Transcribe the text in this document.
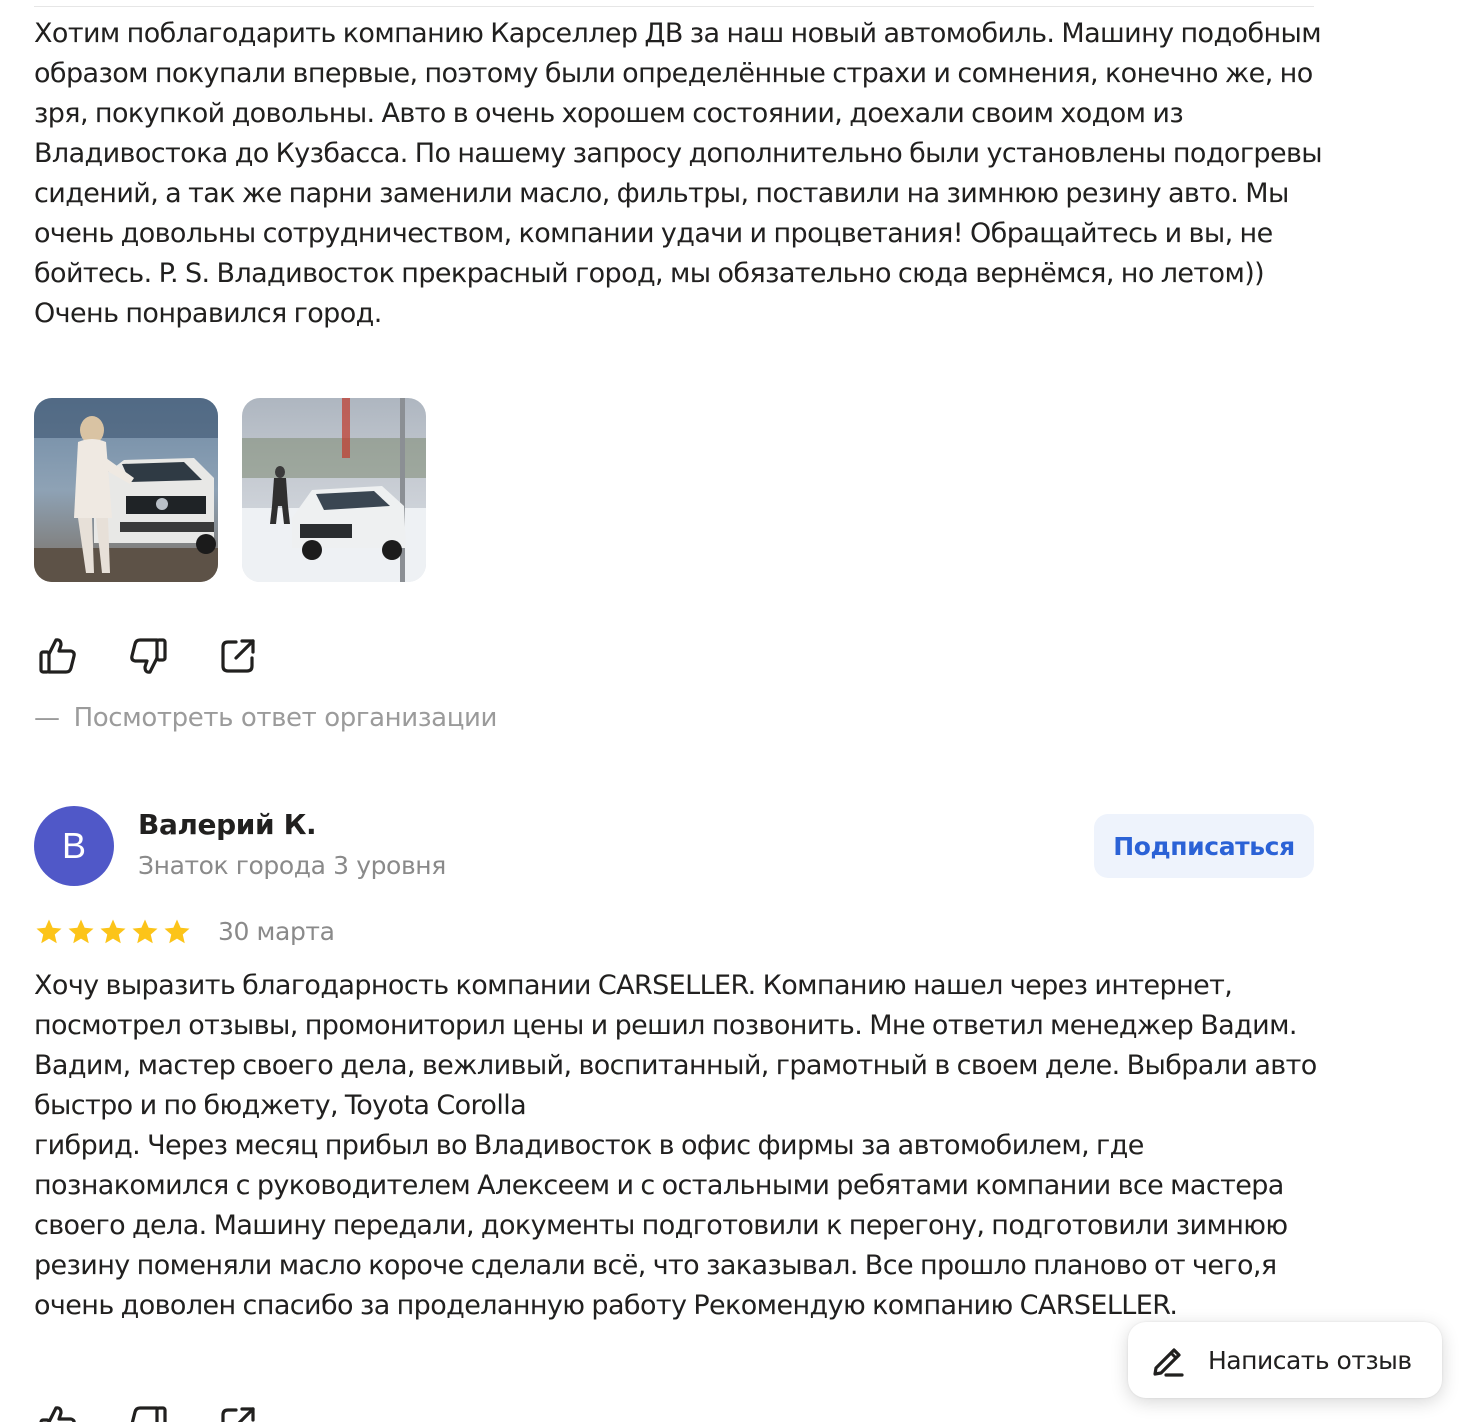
Хотим поблагодарить компанию Карселлер ДВ за наш новый автомобиль. Машину подобным образом покупали впервые, поэтому были определённые страхи и сомнения, конечно же, но зря, покупкой довольны. Авто в очень хорошем состоянии, доехали своим ходом из Владивостока до Кузбасса. По нашему запросу дополнительно были установлены подогревы сидений, а так же парни заменили масло, фильтры, поставили на зимнюю резину авто. Мы очень довольны сотрудничеством, компании удачи и процветания! Обращайтесь и вы, не бойтесь. P. S. Владивосток прекрасный город, мы обязательно сюда вернёмся, но летом)) Очень понравился город.
— Посмотреть ответ организации
В
Валерий К.
Знаток города 3 уровня
Подписаться
30 марта
Хочу выразить благодарность компании CARSELLER. Компанию нашел через интернет, посмотрел отзывы, промониторил цены и решил позвонить. Мне ответил менеджер Вадим. Вадим, мастер своего дела, вежливый, воспитанный, грамотный в своем деле. Выбрали авто быстро и по бюджету, Toyota Corolla
гибрид. Через месяц прибыл во Владивосток в офис фирмы за автомобилем, где познакомился с руководителем Алексеем и с остальными ребятами компании все мастера своего дела. Машину передали, документы подготовили к перегону, подготовили зимнюю резину поменяли масло короче сделали всё, что заказывал. Все прошло планово от чего,я очень доволен спасибо за проделанную работу Рекомендую компанию CARSELLER.
Написать отзыв
